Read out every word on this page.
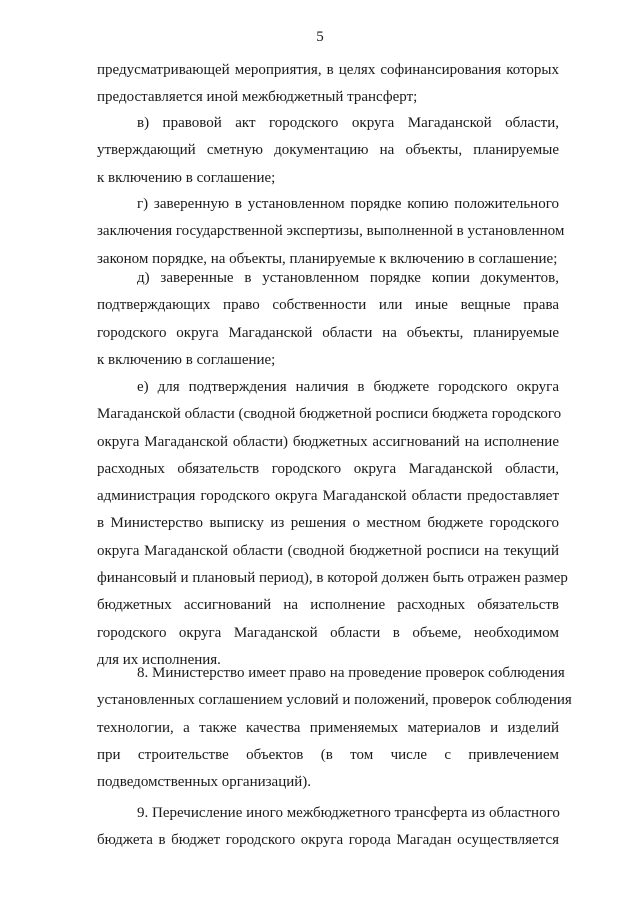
5
предусматривающей мероприятия, в целях софинансирования которых
предоставляется иной межбюджетный трансферт;
в) правовой акт городского округа Магаданской области,
утверждающий сметную документацию на объекты, планируемые
к включению в соглашение;
г) заверенную в установленном порядке копию положительного
заключения государственной экспертизы, выполненной в установленном
законом порядке, на объекты, планируемые к включению в соглашение;
д) заверенные в установленном порядке копии документов,
подтверждающих право собственности или иные вещные права
городского округа Магаданской области на объекты, планируемые
к включению в соглашение;
е) для подтверждения наличия в бюджете городского округа
Магаданской области (сводной бюджетной росписи бюджета городского
округа Магаданской области) бюджетных ассигнований на исполнение
расходных обязательств городского округа Магаданской области,
администрация городского округа Магаданской области предоставляет
в Министерство выписку из решения о местном бюджете городского
округа Магаданской области (сводной бюджетной росписи на текущий
финансовый и плановый период), в которой должен быть отражен размер
бюджетных ассигнований на исполнение расходных обязательств
городского округа Магаданской области в объеме, необходимом
для их исполнения.
8. Министерство имеет право на проведение проверок соблюдения
установленных соглашением условий и положений, проверок соблюдения
технологии, а также качества применяемых материалов и изделий
при строительстве объектов (в том числе с привлечением
подведомственных организаций).
9. Перечисление иного межбюджетного трансферта из областного
бюджета в бюджет городского округа города Магадан осуществляется
